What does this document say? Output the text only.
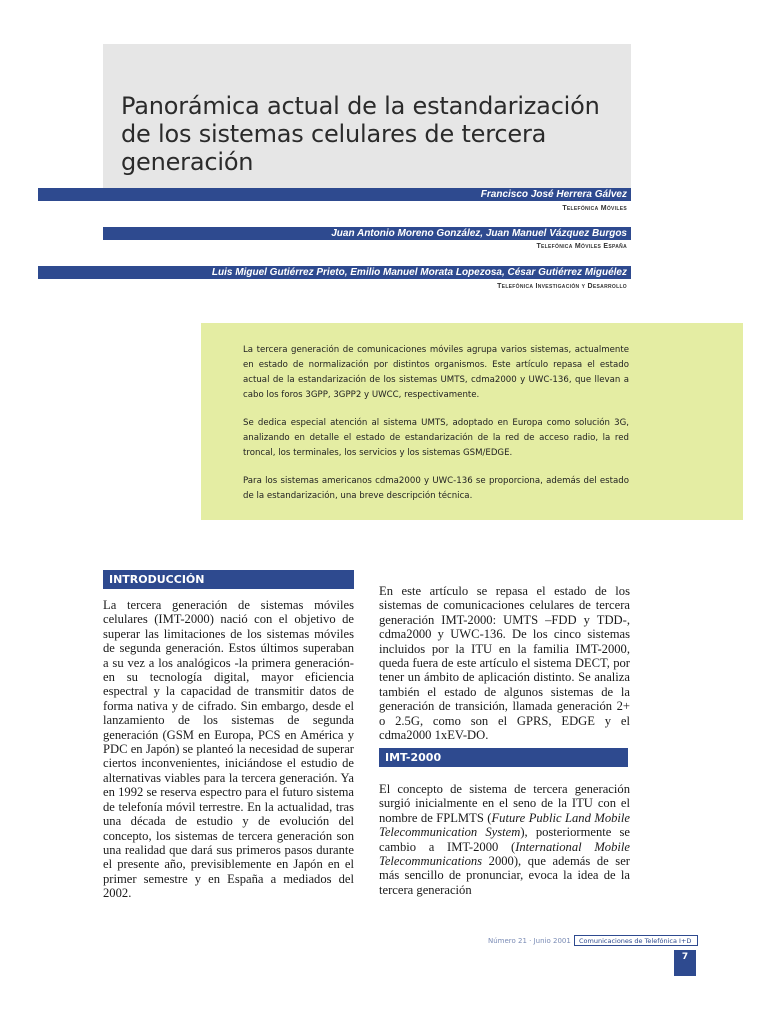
Panorámica actual de la estandarización de los sistemas celulares de tercera generación
Francisco José Herrera Gálvez
Telefónica Móviles
Juan Antonio Moreno González, Juan Manuel Vázquez Burgos
Telefónica Móviles España
Luis Miguel Gutiérrez Prieto, Emilio Manuel Morata Lopezosa, César Gutiérrez Miguélez
Telefónica Investigación y Desarrollo

La tercera generación de comunicaciones móviles agrupa varios sistemas, actualmente en estado de normalización por distintos organismos. Este artículo repasa el estado actual de la estandarización de los sistemas UMTS, cdma2000 y UWC-136, que llevan a cabo los foros 3GPP, 3GPP2 y UWCC, respectivamente.

Se dedica especial atención al sistema UMTS, adoptado en Europa como solución 3G, analizando en detalle el estado de estandarización de la red de acceso radio, la red troncal, los terminales, los servicios y los sistemas GSM/EDGE.

Para los sistemas americanos cdma2000 y UWC-136 se proporciona, además del estado de la estandarización, una breve descripción técnica.

INTRODUCCIÓN

La tercera generación de sistemas móviles celulares (IMT-2000) nació con el objetivo de superar las limitaciones de los sistemas móviles de segunda generación. Estos últimos superaban a su vez a los analógicos -la primera generación- en su tecnología digital, mayor eficiencia espectral y la capacidad de transmitir datos de forma nativa y de cifrado. Sin embargo, desde el lanzamiento de los sistemas de segunda generación (GSM en Europa, PCS en América y PDC en Japón) se planteó la necesidad de superar ciertos inconvenientes, iniciándose el estudio de alternativas viables para la tercera generación. Ya en 1992 se reserva espectro para el futuro sistema de telefonía móvil terrestre. En la actualidad, tras una década de estudio y de evolución del concepto, los sistemas de tercera generación son una realidad que dará sus primeros pasos durante el presente año, previsiblemente en Japón en el primer semestre y en España a mediados del 2002.

En este artículo se repasa el estado de los sistemas de comunicaciones celulares de tercera generación IMT-2000: UMTS –FDD y TDD-, cdma2000 y UWC-136. De los cinco sistemas incluidos por la ITU en la familia IMT-2000, queda fuera de este artículo el sistema DECT, por tener un ámbito de aplicación distinto. Se analiza también el estado de algunos sistemas de la generación de transición, llamada generación 2+ o 2.5G, como son el GPRS, EDGE y el cdma2000 1xEV-DO.

IMT-2000

El concepto de sistema de tercera generación surgió inicialmente en el seno de la ITU con el nombre de FPLMTS (Future Public Land Mobile Telecommunication System), posteriormente se cambio a IMT-2000 (International Mobile Telecommunications 2000), que además de ser más sencillo de pronunciar, evoca la idea de la tercera generación

Número 21 · Junio 2001	Comunicaciones de Telefónica I+D
7
